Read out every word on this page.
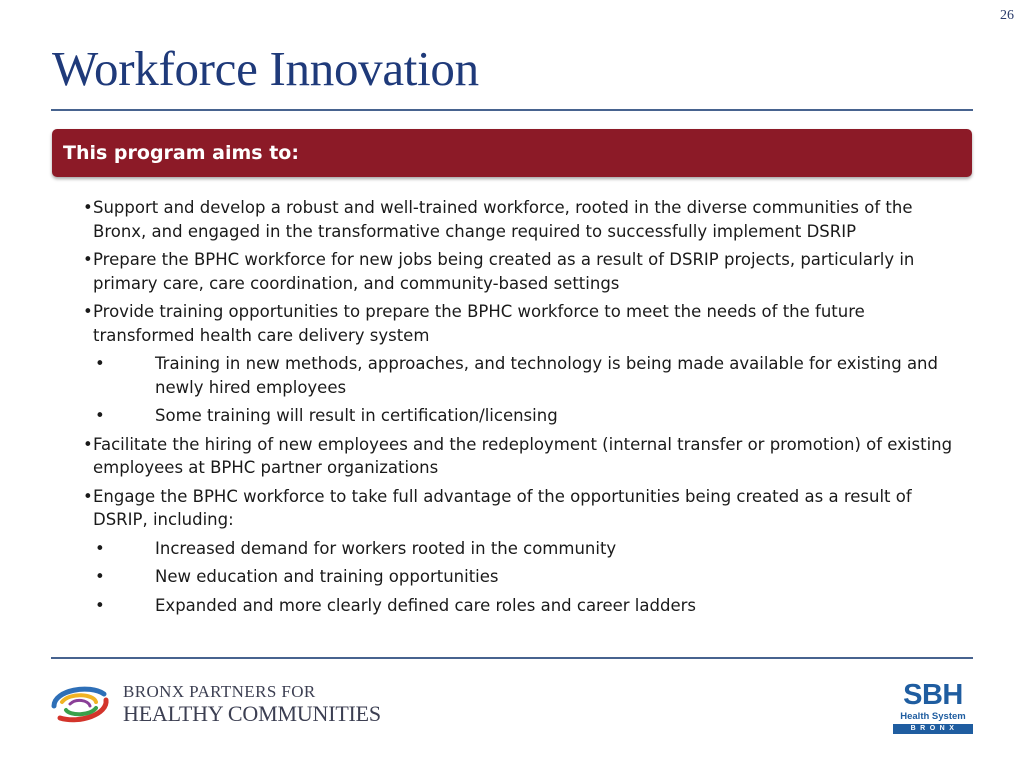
26
Workforce Innovation
This program aims to:
• Support and develop a robust and well-trained workforce, rooted in the diverse communities of the Bronx, and engaged in the transformative change required to successfully implement DSRIP
• Prepare the BPHC workforce for new jobs being created as a result of DSRIP projects, particularly in primary care, care coordination, and community-based settings
• Provide training opportunities to prepare the BPHC workforce to meet the needs of the future transformed health care delivery system
•	Training in new methods, approaches, and technology is being made available for existing and newly hired employees
•	Some training will result in certification/licensing
• Facilitate the hiring of new employees and the redeployment (internal transfer or promotion) of existing employees at BPHC partner organizations
• Engage the BPHC workforce to take full advantage of the opportunities being created as a result of DSRIP, including:
•	Increased demand for workers rooted in the community
•	New education and training opportunities
•	Expanded and more clearly defined care roles and career ladders
BRONX PARTNERS FOR
HEALTHY COMMUNITIES
SBH
Health System
BRONX
